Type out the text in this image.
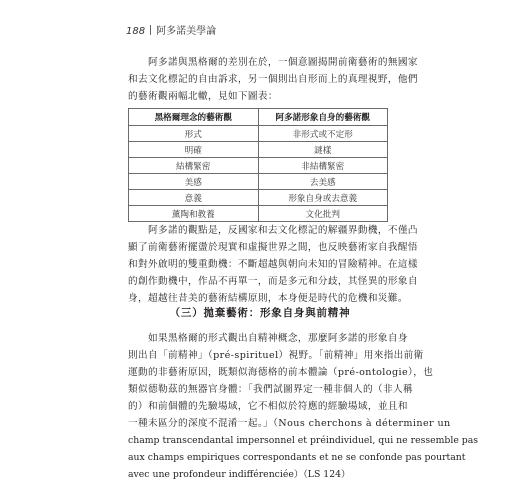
188 阿多諾美學論
阿多諾與黑格爾的差別在於，一個意圖揭開前衛藝術的無國家
和去文化標記的自由訴求，另一個則出自形而上的真理視野，他們
的藝術觀兩幅北轍，見如下圖表：
黑格爾理念的藝術觀	阿多諾形象自身的藝術觀
形式	非形式或不定形
明確	謎樣
結構緊密	非結構緊密
美感	去美感
意義	形象自身或去意義
薰陶和教養	文化批判
阿多諾的觀點是，反國家和去文化標記的解疆界動機，不僅凸
顯了前衛藝術擺盪於現實和虛擬世界之間，也反映藝術家自我醒悟
和對外啟明的雙重動機：不斷超越與朝向未知的冒險精神。在這樣
的創作動機中，作品不再單一，而是多元和分歧，其怪異的形象自
身，超越往昔美的藝術結構原則，本身便是時代的危機和災難。
（三）拋棄藝術：形象自身與前精神
如果黑格爾的形式觀出自精神概念，那麼阿多諾的形象自身
則出自「前精神」（pré-spirituel）視野。「前精神」用來指出前衛
運動的非藝術原因，既類似海德格的前本體論（pré-ontologie），也
類似德勒茲的無器官身體：「我們試圖界定一種非個人的（非人稱
的）和前個體的先驗場域，它不相似於符應的經驗場域，並且和
一種未區分的深度不混淆一起。」（Nous cherchons à déterminer un
champ transcendantal impersonnel et préindividuel, qui ne ressemble pas
aux champs empiriques correspondants et ne se confonde pas pourtant
avec une profondeur indifférenciée）（LS 124）
